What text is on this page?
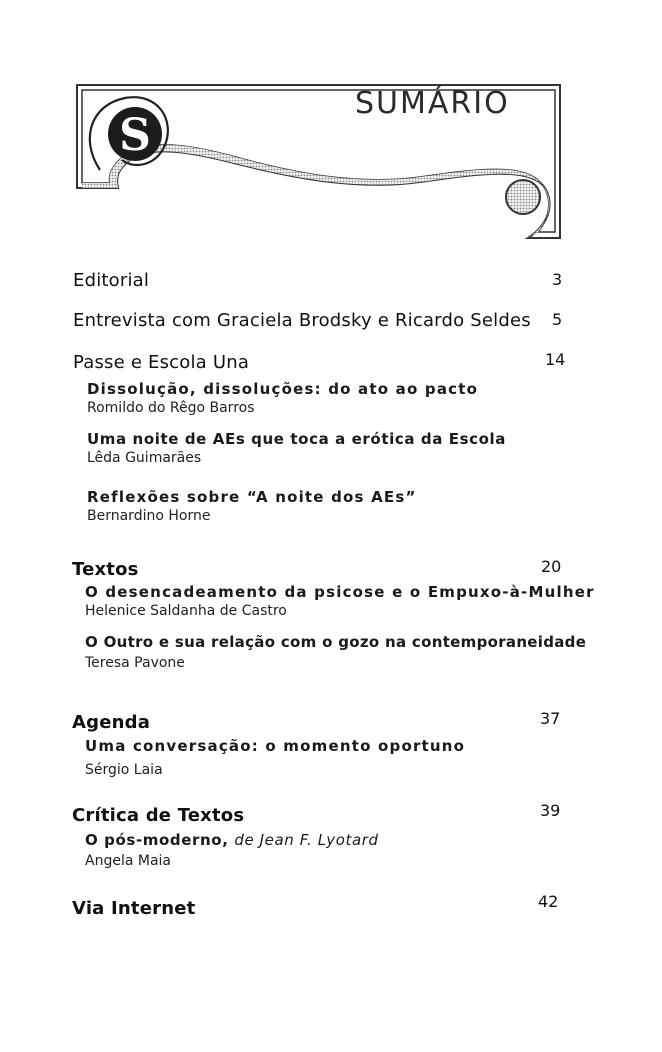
S
SUMÁRIO
Editorial	3
Entrevista com Graciela Brodsky e Ricardo Seldes 5
Passe e Escola Una	14
Dissolução, dissoluções: do ato ao pacto
Romildo do Rêgo Barros
Uma noite de AEs que toca a erótica da Escola
Lêda Guimarães
Reflexões sobre “A noite dos AEs”
Bernardino Horne
Textos	20
O desencadeamento da psicose e o Empuxo-à-Mulher
Helenice Saldanha de Castro
O Outro e sua relação com o gozo na contemporaneidade
Teresa Pavone
Agenda	37
Uma conversação: o momento oportuno
Sérgio Laia
Crítica de Textos	39
O pós-moderno, de Jean F. Lyotard
Angela Maia
Via Internet	42
